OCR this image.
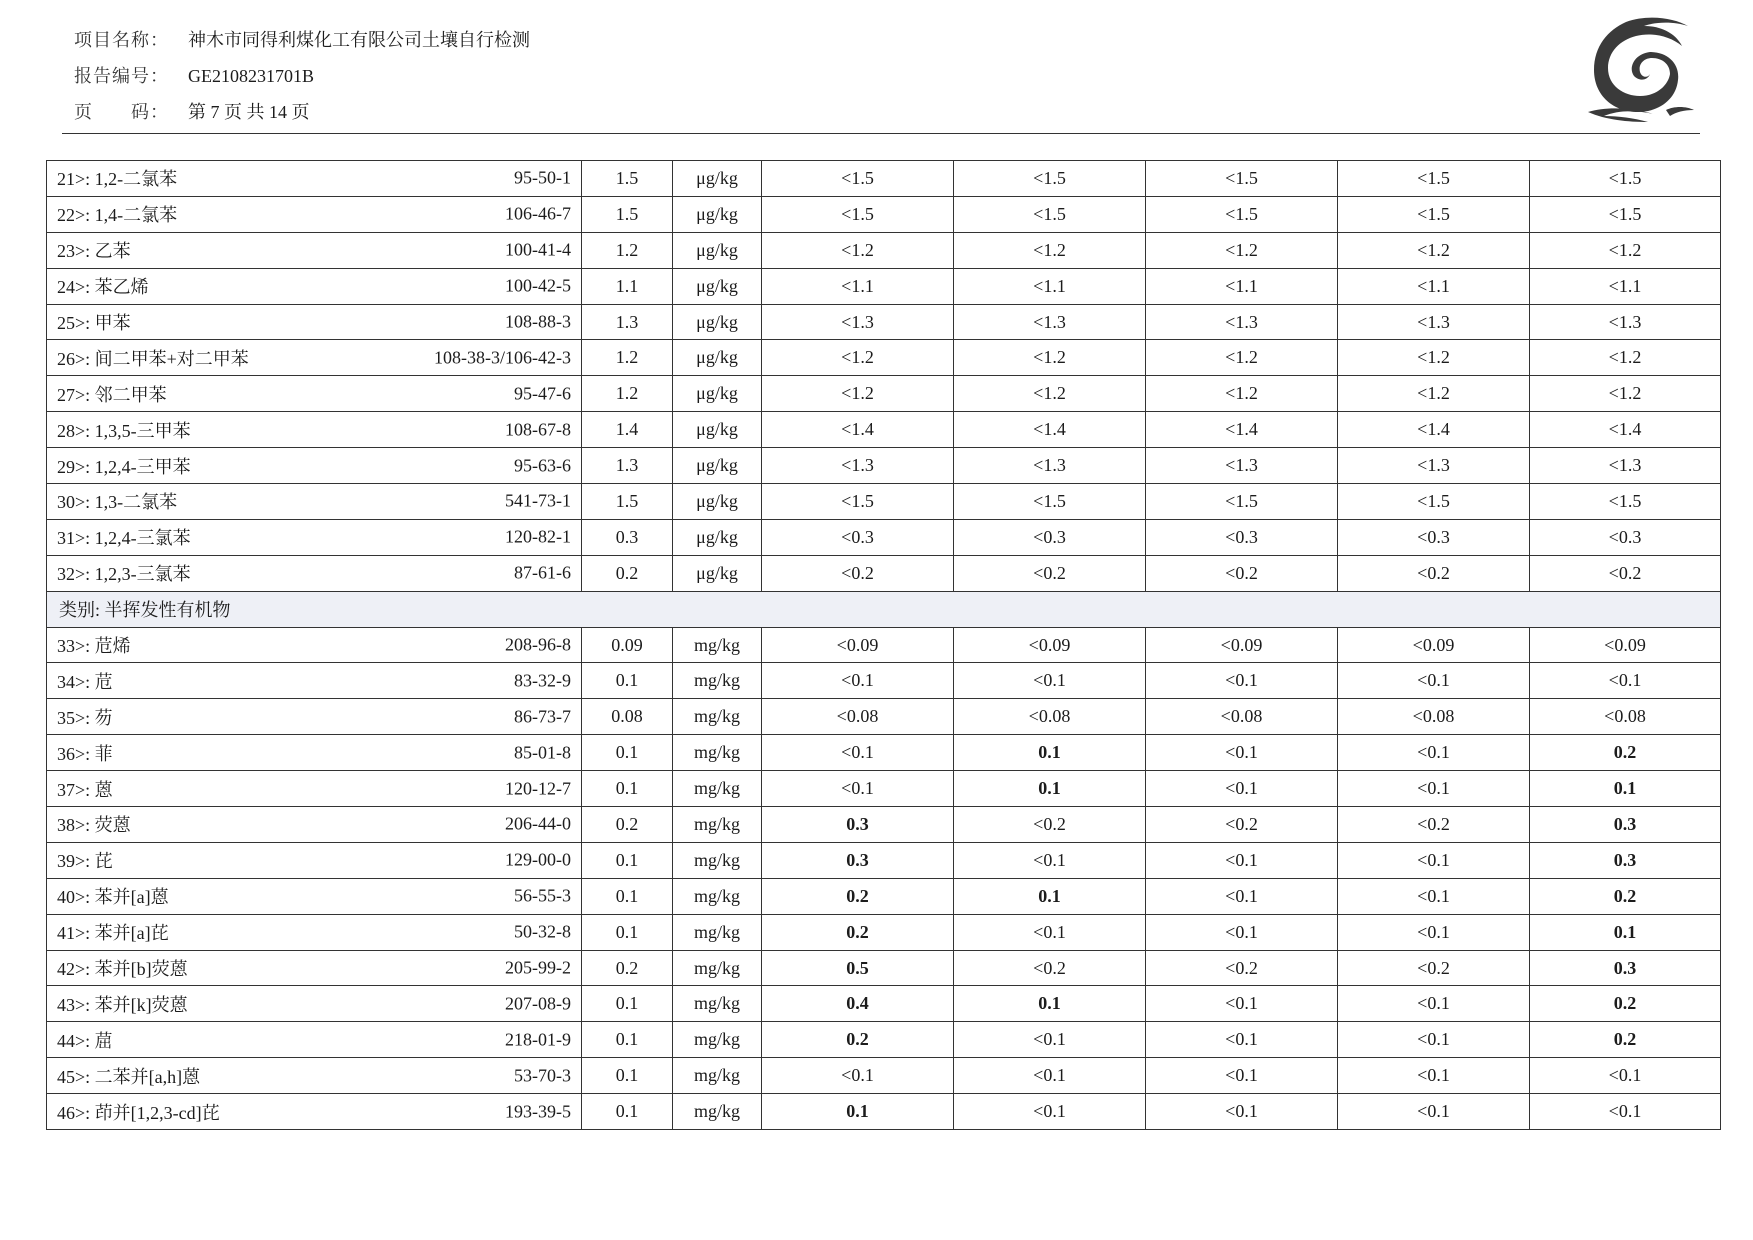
项目名称：	神木市同得利煤化工有限公司土壤自行检测
报告编号：	GE2108231701B
页　　码：	第 7 页 共 14 页
21>: 1,2-二氯苯 95-50-1	1.5	μg/kg	<1.5	<1.5	<1.5	<1.5	<1.5

22>: 1,4-二氯苯 106-46-7	1.5	μg/kg	<1.5	<1.5	<1.5	<1.5	<1.5

23>: 乙苯 100-41-4	1.2	μg/kg	<1.2	<1.2	<1.2	<1.2	<1.2

24>: 苯乙烯 100-42-5	1.1	μg/kg	<1.1	<1.1	<1.1	<1.1	<1.1

25>: 甲苯 108-88-3	1.3	μg/kg	<1.3	<1.3	<1.3	<1.3	<1.3

26>: 间二甲苯+对二甲苯 108-38-3/106-42-3	1.2	μg/kg	<1.2	<1.2	<1.2	<1.2	<1.2

27>: 邻二甲苯 95-47-6	1.2	μg/kg	<1.2	<1.2	<1.2	<1.2	<1.2

28>: 1,3,5-三甲苯 108-67-8	1.4	μg/kg	<1.4	<1.4	<1.4	<1.4	<1.4

29>: 1,2,4-三甲苯 95-63-6	1.3	μg/kg	<1.3	<1.3	<1.3	<1.3	<1.3

30>: 1,3-二氯苯 541-73-1	1.5	μg/kg	<1.5	<1.5	<1.5	<1.5	<1.5

31>: 1,2,4-三氯苯 120-82-1	0.3	μg/kg	<0.3	<0.3	<0.3	<0.3	<0.3

32>: 1,2,3-三氯苯 87-61-6	0.2	μg/kg	<0.2	<0.2	<0.2	<0.2	<0.2
类别: 半挥发性有机物							

33>: 苊烯 208-96-8	0.09	mg/kg	<0.09	<0.09	<0.09	<0.09	<0.09

34>: 苊 83-32-9	0.1	mg/kg	<0.1	<0.1	<0.1	<0.1	<0.1

35>: 芴 86-73-7	0.08	mg/kg	<0.08	<0.08	<0.08	<0.08	<0.08

36>: 菲 85-01-8	0.1	mg/kg	<0.1	0.1	<0.1	<0.1	0.2

37>: 蒽 120-12-7	0.1	mg/kg	<0.1	0.1	<0.1	<0.1	0.1

38>: 荧蒽 206-44-0	0.2	mg/kg	0.3	<0.2	<0.2	<0.2	0.3

39>: 芘 129-00-0	0.1	mg/kg	0.3	<0.1	<0.1	<0.1	0.3

40>: 苯并[a]蒽 56-55-3	0.1	mg/kg	0.2	0.1	<0.1	<0.1	0.2

41>: 苯并[a]芘 50-32-8	0.1	mg/kg	0.2	<0.1	<0.1	<0.1	0.1

42>: 苯并[b]荧蒽 205-99-2	0.2	mg/kg	0.5	<0.2	<0.2	<0.2	0.3

43>: 苯并[k]荧蒽 207-08-9	0.1	mg/kg	0.4	0.1	<0.1	<0.1	0.2

44>: 䓛 218-01-9	0.1	mg/kg	0.2	<0.1	<0.1	<0.1	0.2

45>: 二苯并[a,h]蒽 53-70-3	0.1	mg/kg	<0.1	<0.1	<0.1	<0.1	<0.1

46>: 茚并[1,2,3-cd]芘 193-39-5	0.1	mg/kg	0.1	<0.1	<0.1	<0.1	<0.1
